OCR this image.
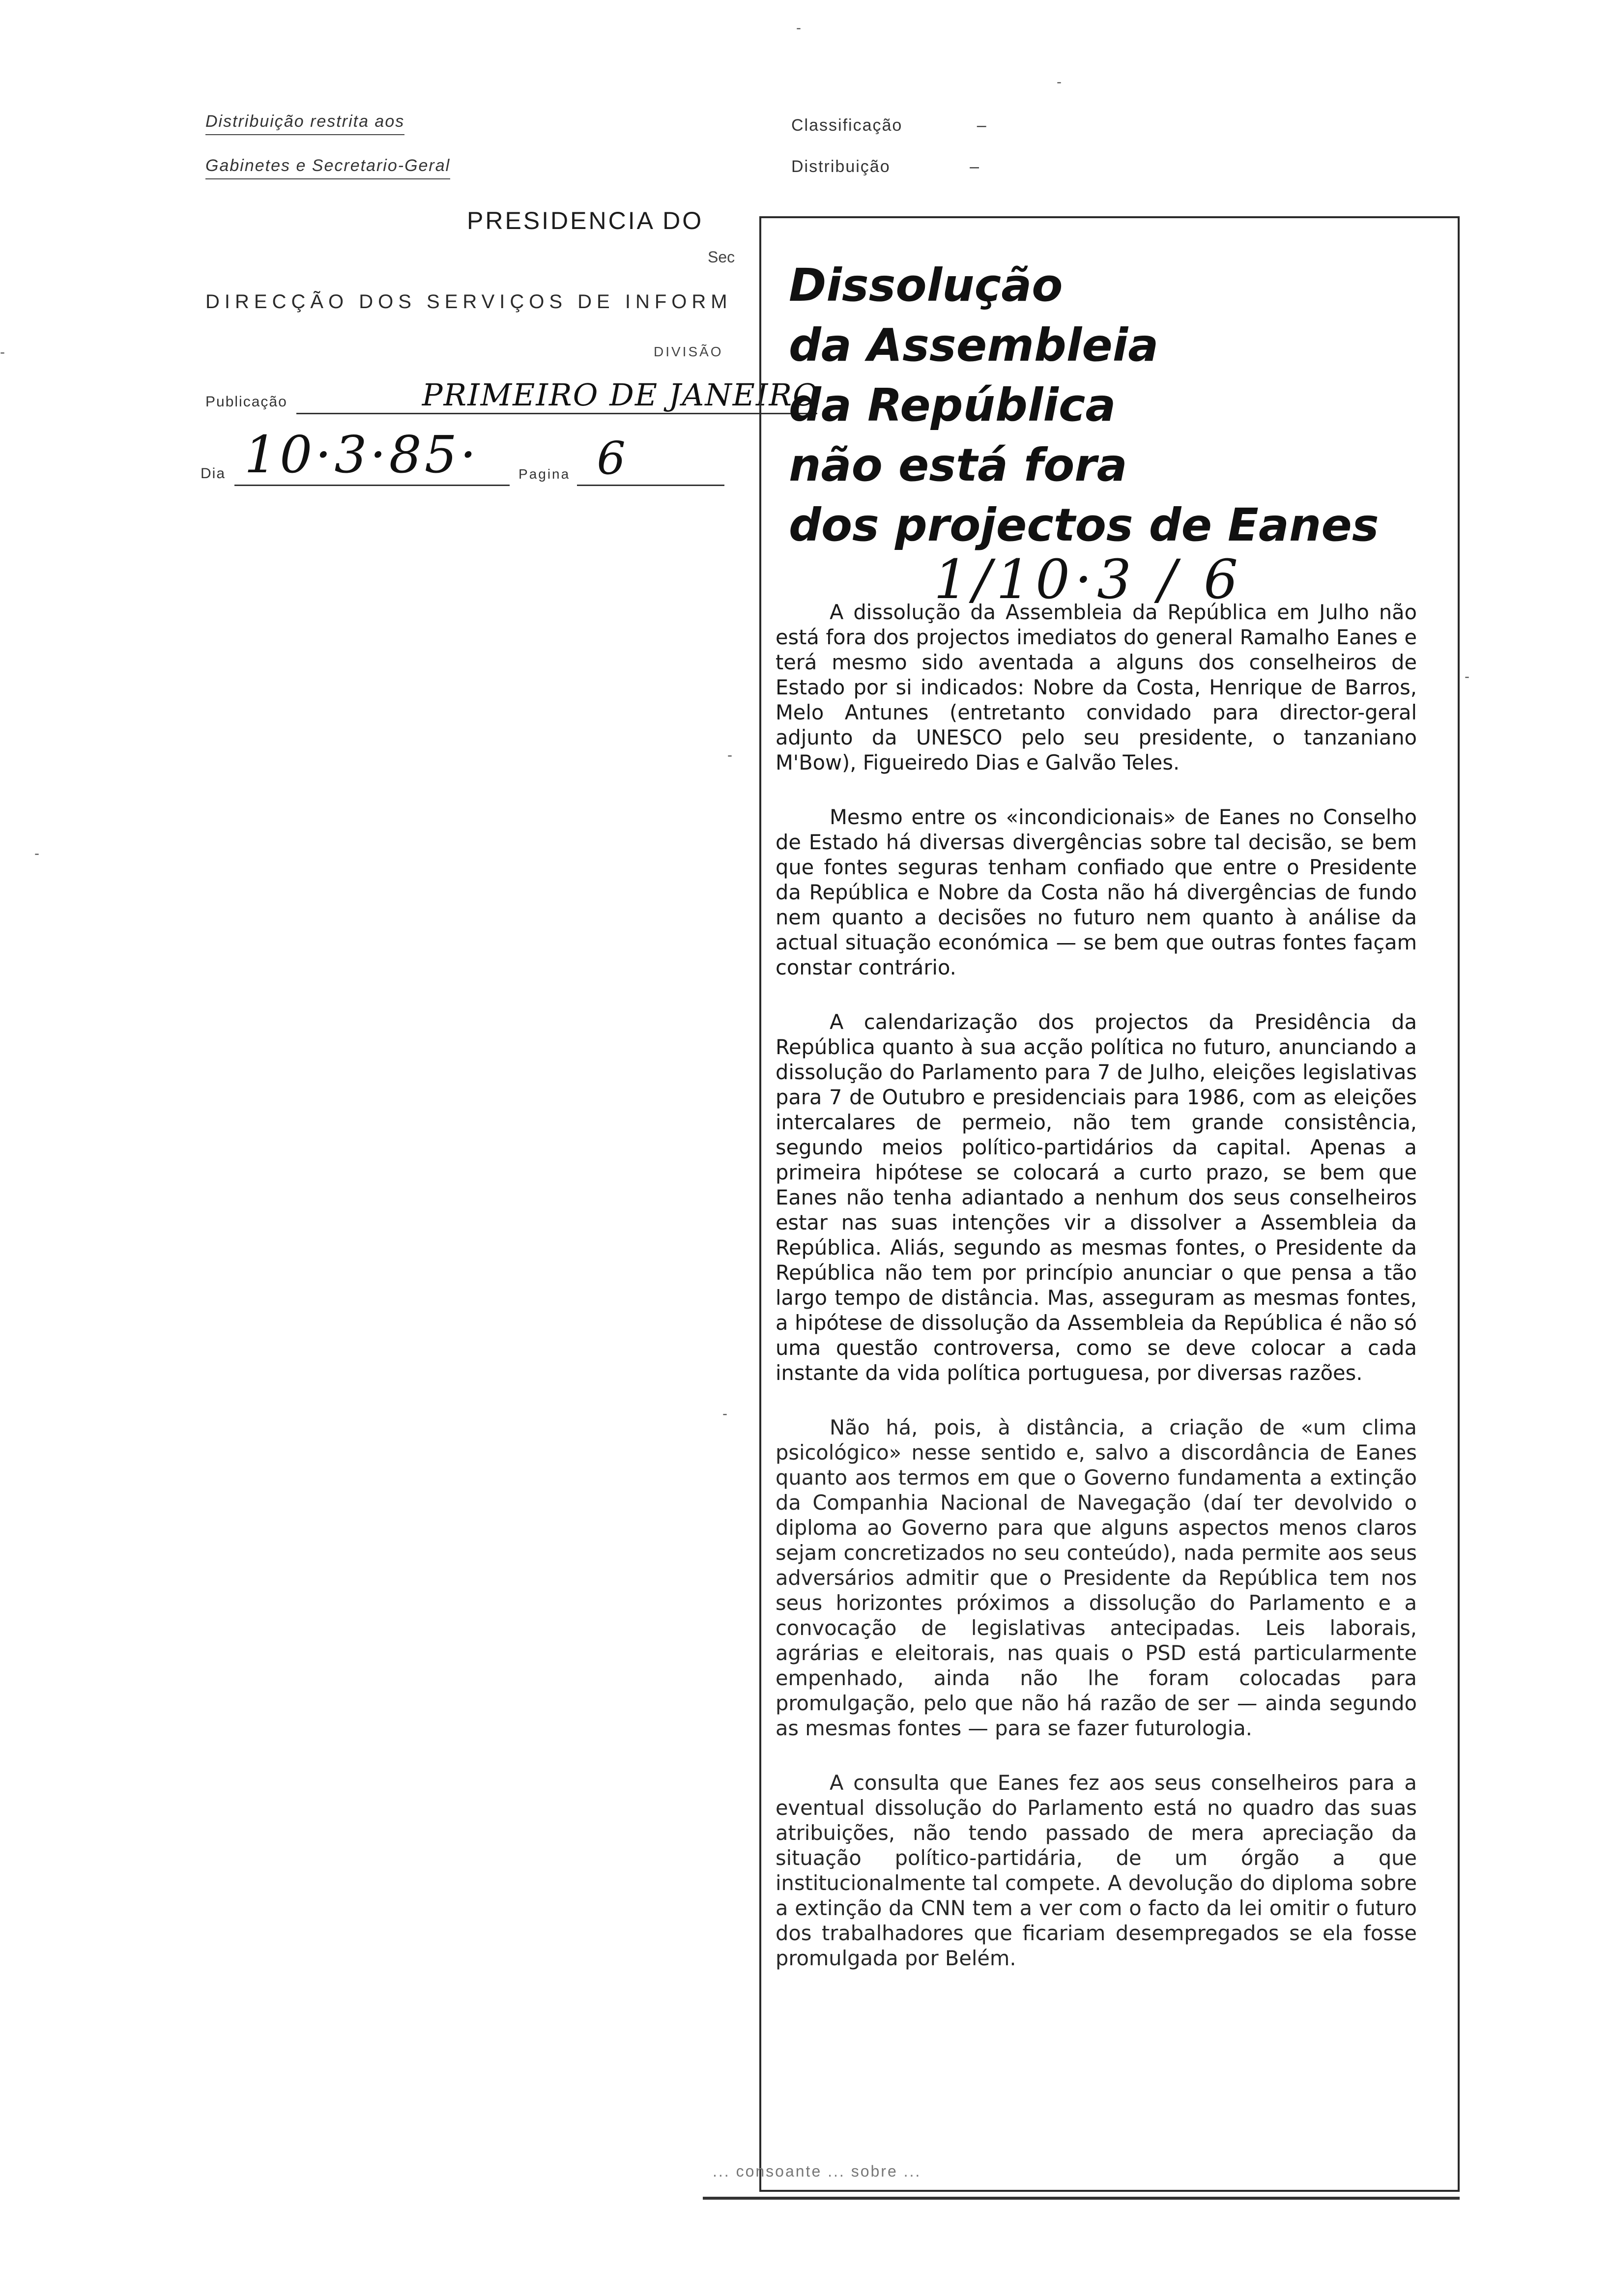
Distribuição restrita aos
Gabinetes e Secretario-Geral
PRESIDENCIA DO
Sec
DIRECÇÃO DOS SERVIÇOS DE INFORM
DIVISÃO
Publicação	PRIMEIRO DE JANEIRO
Dia 10·3·85·	Pagina 6
Classificação	–
Distribuição	–
Dissolução
da Assembleia
da República
não está fora
dos projectos de Eanes
1/10·3 / 6

A dissolução da Assembleia da República em Julho não está fora dos projectos imediatos do general Ramalho Eanes e terá mesmo sido aventada a alguns dos conselheiros de Estado por si indicados: Nobre da Costa, Henrique de Barros, Melo Antunes (entretanto convidado para director-geral adjunto da UNESCO pelo seu presidente, o tanzaniano M'Bow), Figueiredo Dias e Galvão Teles.

Mesmo entre os «incondicionais» de Eanes no Conselho de Estado há diversas divergências sobre tal decisão, se bem que fontes seguras tenham confiado que entre o Presidente da República e Nobre da Costa não há divergências de fundo nem quanto a decisões no futuro nem quanto à análise da actual situação económica — se bem que outras fontes façam constar contrário.

A calendarização dos projectos da Presidência da República quanto à sua acção política no futuro, anunciando a dissolução do Parlamento para 7 de Julho, eleições legislativas para 7 de Outubro e presidenciais para 1986, com as eleições intercalares de permeio, não tem grande consistência, segundo meios político-partidários da capital. Apenas a primeira hipótese se colocará a curto prazo, se bem que Eanes não tenha adiantado a nenhum dos seus conselheiros estar nas suas intenções vir a dissolver a Assembleia da República. Aliás, segundo as mesmas fontes, o Presidente da República não tem por princípio anunciar o que pensa a tão largo tempo de distância. Mas, asseguram as mesmas fontes, a hipótese de dissolução da Assembleia da República é não só uma questão controversa, como se deve colocar a cada instante da vida política portuguesa, por diversas razões.

Não há, pois, à distância, a criação de «um clima psicológico» nesse sentido e, salvo a discordância de Eanes quanto aos termos em que o Governo fundamenta a extinção da Companhia Nacional de Navegação (daí ter devolvido o diploma ao Governo para que alguns aspectos menos claros sejam concretizados no seu conteúdo), nada permite aos seus adversários admitir que o Presidente da República tem nos seus horizontes próximos a dissolução do Parlamento e a convocação de legislativas antecipadas. Leis laborais, agrárias e eleitorais, nas quais o PSD está particularmente empenhado, ainda não lhe foram colocadas para promulgação, pelo que não há razão de ser — ainda segundo as mesmas fontes — para se fazer futurologia.

A consulta que Eanes fez aos seus conselheiros para a eventual dissolução do Parlamento está no quadro das suas atribuições, não tendo passado de mera apreciação da situação político-partidária, de um órgão a que institucionalmente tal compete. A devolução do diploma sobre a extinção da CNN tem a ver com o facto da lei omitir o futuro dos trabalhadores que ficariam desempregados se ela fosse promulgada por Belém.

... consoante ... sobre ...
-
-
-
-
-
-
-
